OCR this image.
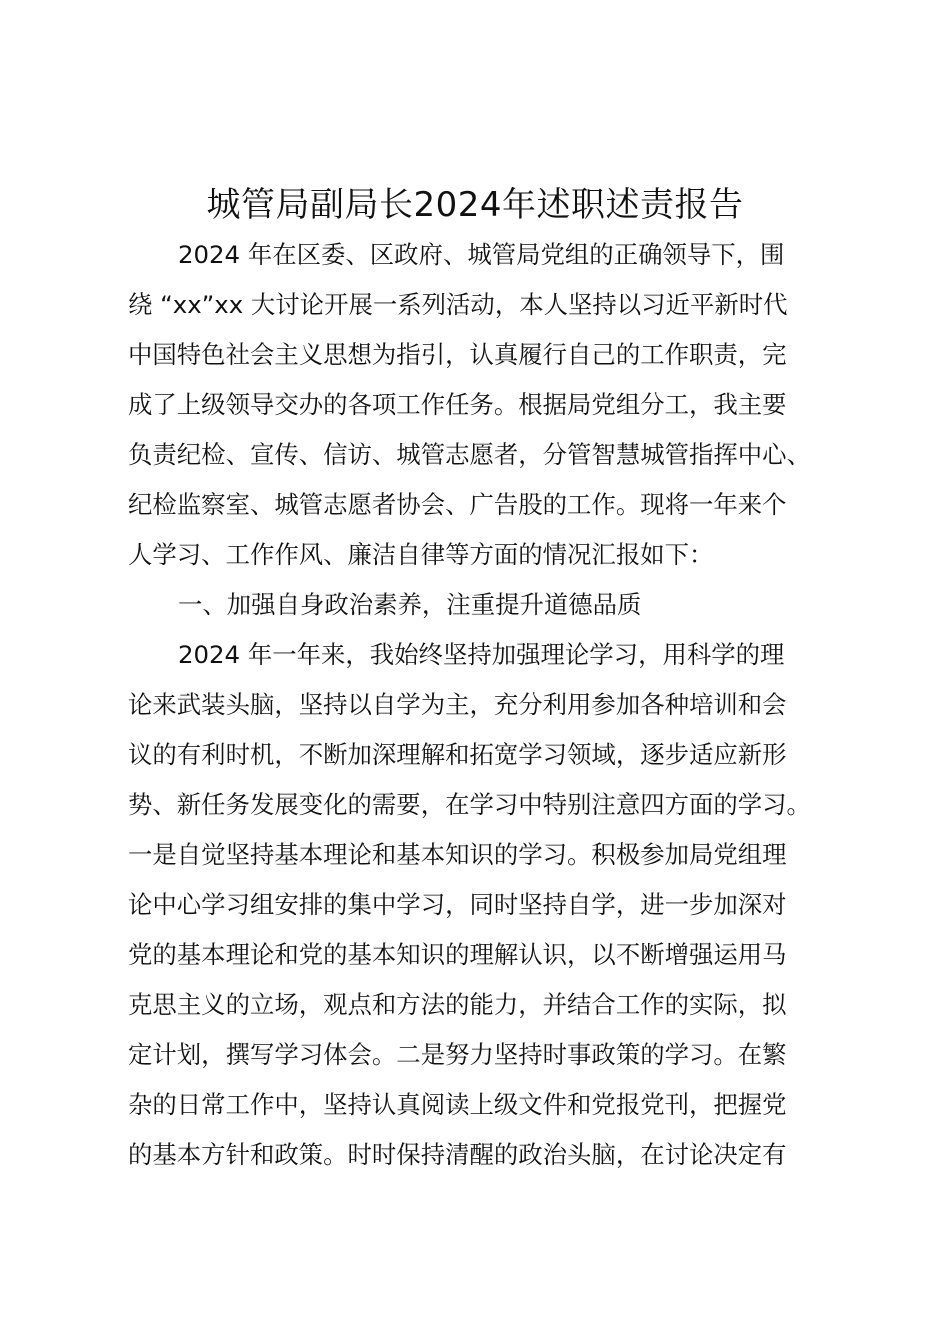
城管局副局长2024年述职述责报告
2024 年在区委、区政府、城管局党组的正确领导下，围
绕 “xx”xx 大讨论开展一系列活动，本人坚持以习近平新时代
中国特色社会主义思想为指引，认真履行自己的工作职责，完
成了上级领导交办的各项工作任务。根据局党组分工，我主要
负责纪检、宣传、信访、城管志愿者，分管智慧城管指挥中心、
纪检监察室、城管志愿者协会、广告股的工作。现将一年来个
人学习、工作作风、廉洁自律等方面的情况汇报如下：
一、加强自身政治素养，注重提升道德品质
2024 年一年来，我始终坚持加强理论学习，用科学的理
论来武装头脑，坚持以自学为主，充分利用参加各种培训和会
议的有利时机，不断加深理解和拓宽学习领域，逐步适应新形
势、新任务发展变化的需要，在学习中特别注意四方面的学习。
一是自觉坚持基本理论和基本知识的学习。积极参加局党组理
论中心学习组安排的集中学习，同时坚持自学，进一步加深对
党的基本理论和党的基本知识的理解认识，以不断增强运用马
克思主义的立场，观点和方法的能力，并结合工作的实际，拟
定计划，撰写学习体会。二是努力坚持时事政策的学习。在繁
杂的日常工作中，坚持认真阅读上级文件和党报党刊，把握党
的基本方针和政策。时时保持清醒的政治头脑，在讨论决定有
